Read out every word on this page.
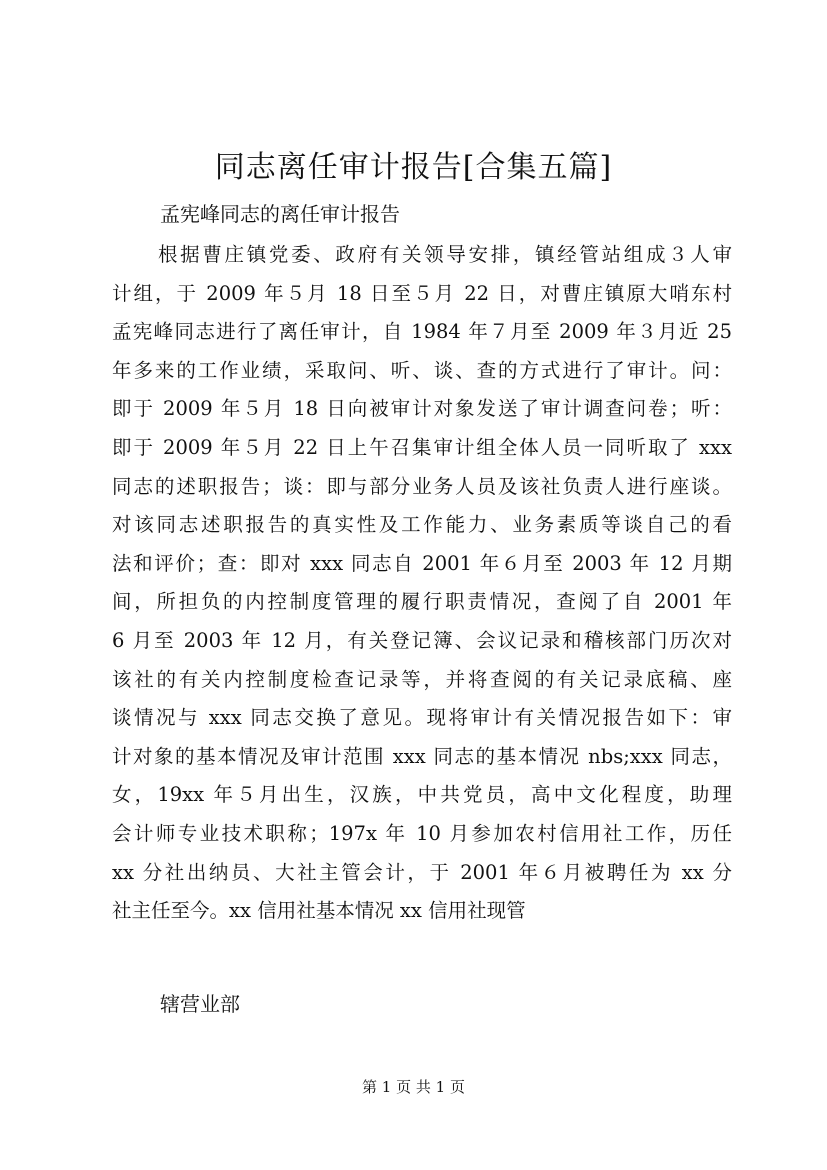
同志离任审计报告[合集五篇]

孟宪峰同志的离任审计报告

根据曹庄镇党委、政府有关领导安排，镇经管站组成３人审
计组，于 2009 年５月 18 日至５月 22 日，对曹庄镇原大哨东村
孟宪峰同志进行了离任审计，自 1984 年７月至 2009 年３月近 25
年多来的工作业绩，采取问、听、谈、查的方式进行了审计。问：
即于 2009 年５月 18 日向被审计对象发送了审计调查问卷；听：
即于 2009 年５月 22 日上午召集审计组全体人员一同听取了 xxx
同志的述职报告；谈：即与部分业务人员及该社负责人进行座谈。
对该同志述职报告的真实性及工作能力、业务素质等谈自己的看
法和评价；查：即对 xxx 同志自 2001 年６月至 2003 年 12 月期
间，所担负的内控制度管理的履行职责情况，查阅了自 2001 年
6 月至 2003 年 12 月，有关登记簿、会议记录和稽核部门历次对
该社的有关内控制度检查记录等，并将查阅的有关记录底稿、座
谈情况与 xxx 同志交换了意见。现将审计有关情况报告如下：审
计对象的基本情况及审计范围 xxx 同志的基本情况 nbs;xxx 同志，
女，19xx 年５月出生，汉族，中共党员，高中文化程度，助理
会计师专业技术职称；197x 年 10 月参加农村信用社工作，历任
xx 分社出纳员、大社主管会计，于 2001 年６月被聘任为 xx 分
社主任至今。xx 信用社基本情况 xx 信用社现管

辖营业部

第 1 页 共 1 页
